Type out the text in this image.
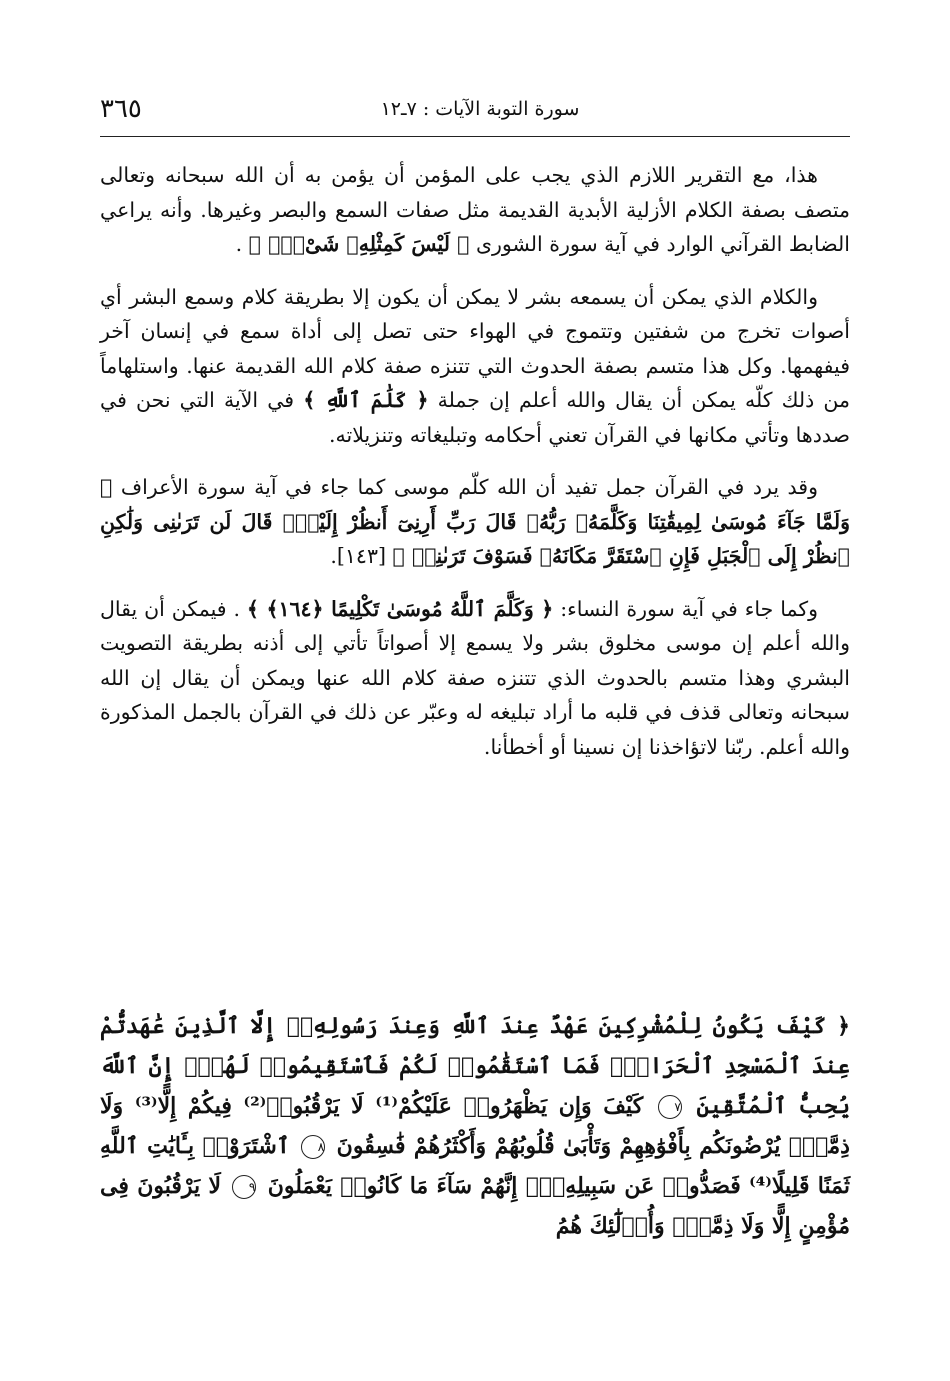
سورة التوبة الآيات : ٧ـ١٢
٣٦٥

هذا، مع التقرير اللازم الذي يجب على المؤمن أن يؤمن به أن الله سبحانه وتعالى متصف بصفة الكلام الأزلية الأبدية القديمة مثل صفات السمع والبصر وغيرها. وأنه يراعي الضابط القرآني الوارد في آية سورة الشورى ﴿ لَيْسَ كَمِثْلِهِۦ شَىْءٌۖ ﴾ .

والكلام الذي يمكن أن يسمعه بشر لا يمكن أن يكون إلا بطريقة كلام وسمع البشر أي أصوات تخرج من شفتين وتتموج في الهواء حتى تصل إلى أداة سمع في إنسان آخر فيفهمها. وكل هذا متسم بصفة الحدوث التي تتنزه صفة كلام الله القديمة عنها. واستلهاماً من ذلك كلّه يمكن أن يقال والله أعلم إن جملة ﴿ كَلَٰمَ ٱللَّهِ ﴾ في الآية التي نحن في صددها وتأتي مكانها في القرآن تعني أحكامه وتبليغاته وتنزيلاته.

وقد يرد في القرآن جمل تفيد أن الله كلّم موسى كما جاء في آية سورة الأعراف ﴿ وَلَمَّا جَآءَ مُوسَىٰ لِمِيقَٰتِنَا وَكَلَّمَهُۥ رَبُّهُۥ قَالَ رَبِّ أَرِنِىٓ أَنظُرْ إِلَيْكَۚ قَالَ لَن تَرَىٰنِى وَلَٰكِنِ ٱنظُرْ إِلَى ٱلْجَبَلِ فَإِنِ ٱسْتَقَرَّ مَكَانَهُۥ فَسَوْفَ تَرَىٰنِىۚ ﴾ [١٤٣].

وكما جاء في آية سورة النساء: ﴿ وَكَلَّمَ ٱللَّهُ مُوسَىٰ تَكْلِيمًا ﴿١٦٤﴾ ﴾ . فيمكن أن يقال والله أعلم إن موسى مخلوق بشر ولا يسمع إلا أصواتاً تأتي إلى أذنه بطريقة التصويت البشري وهذا متسم بالحدوث الذي تتنزه صفة كلام الله عنها ويمكن أن يقال إن الله سبحانه وتعالى قذف في قلبه ما أراد تبليغه له وعبّر عن ذلك في القرآن بالجمل المذكورة والله أعلم. ربّنا لاتؤاخذنا إن نسينا أو أخطأنا.

﴿ كَيْفَ يَكُونُ لِلْمُشْرِكِينَ عَهْدٌ عِندَ ٱللَّهِ وَعِندَ رَسُولِهِۦٓ إِلَّا ٱلَّذِينَ عَٰهَدتُّمْ عِندَ ٱلْمَسْجِدِ ٱلْحَرَامِۖ فَمَا ٱسْتَقَٰمُوا۟ لَكُمْ فَٱسْتَقِيمُوا۟ لَهُمْۚ إِنَّ ٱللَّهَ يُحِبُّ ٱلْمُتَّقِينَ ٧ كَيْفَ وَإِن يَظْهَرُوا۟ عَلَيْكُمْ⁽¹⁾ لَا يَرْقُبُوا۟⁽²⁾ فِيكُمْ إِلًّا⁽³⁾ وَلَا ذِمَّةًۚ يُرْضُونَكُم بِأَفْوَٰهِهِمْ وَتَأْبَىٰ قُلُوبُهُمْ وَأَكْثَرُهُمْ فَٰسِقُونَ ٨ ٱشْتَرَوْا۟ بِـَٔايَٰتِ ٱللَّهِ ثَمَنًا قَلِيلًا⁽⁴⁾ فَصَدُّوا۟ عَن سَبِيلِهِۦٓۚ إِنَّهُمْ سَآءَ مَا كَانُوا۟ يَعْمَلُونَ ٩ لَا يَرْقُبُونَ فِى مُؤْمِنٍ إِلًّا وَلَا ذِمَّةًۚ وَأُو۟لَٰٓئِكَ هُمُ
